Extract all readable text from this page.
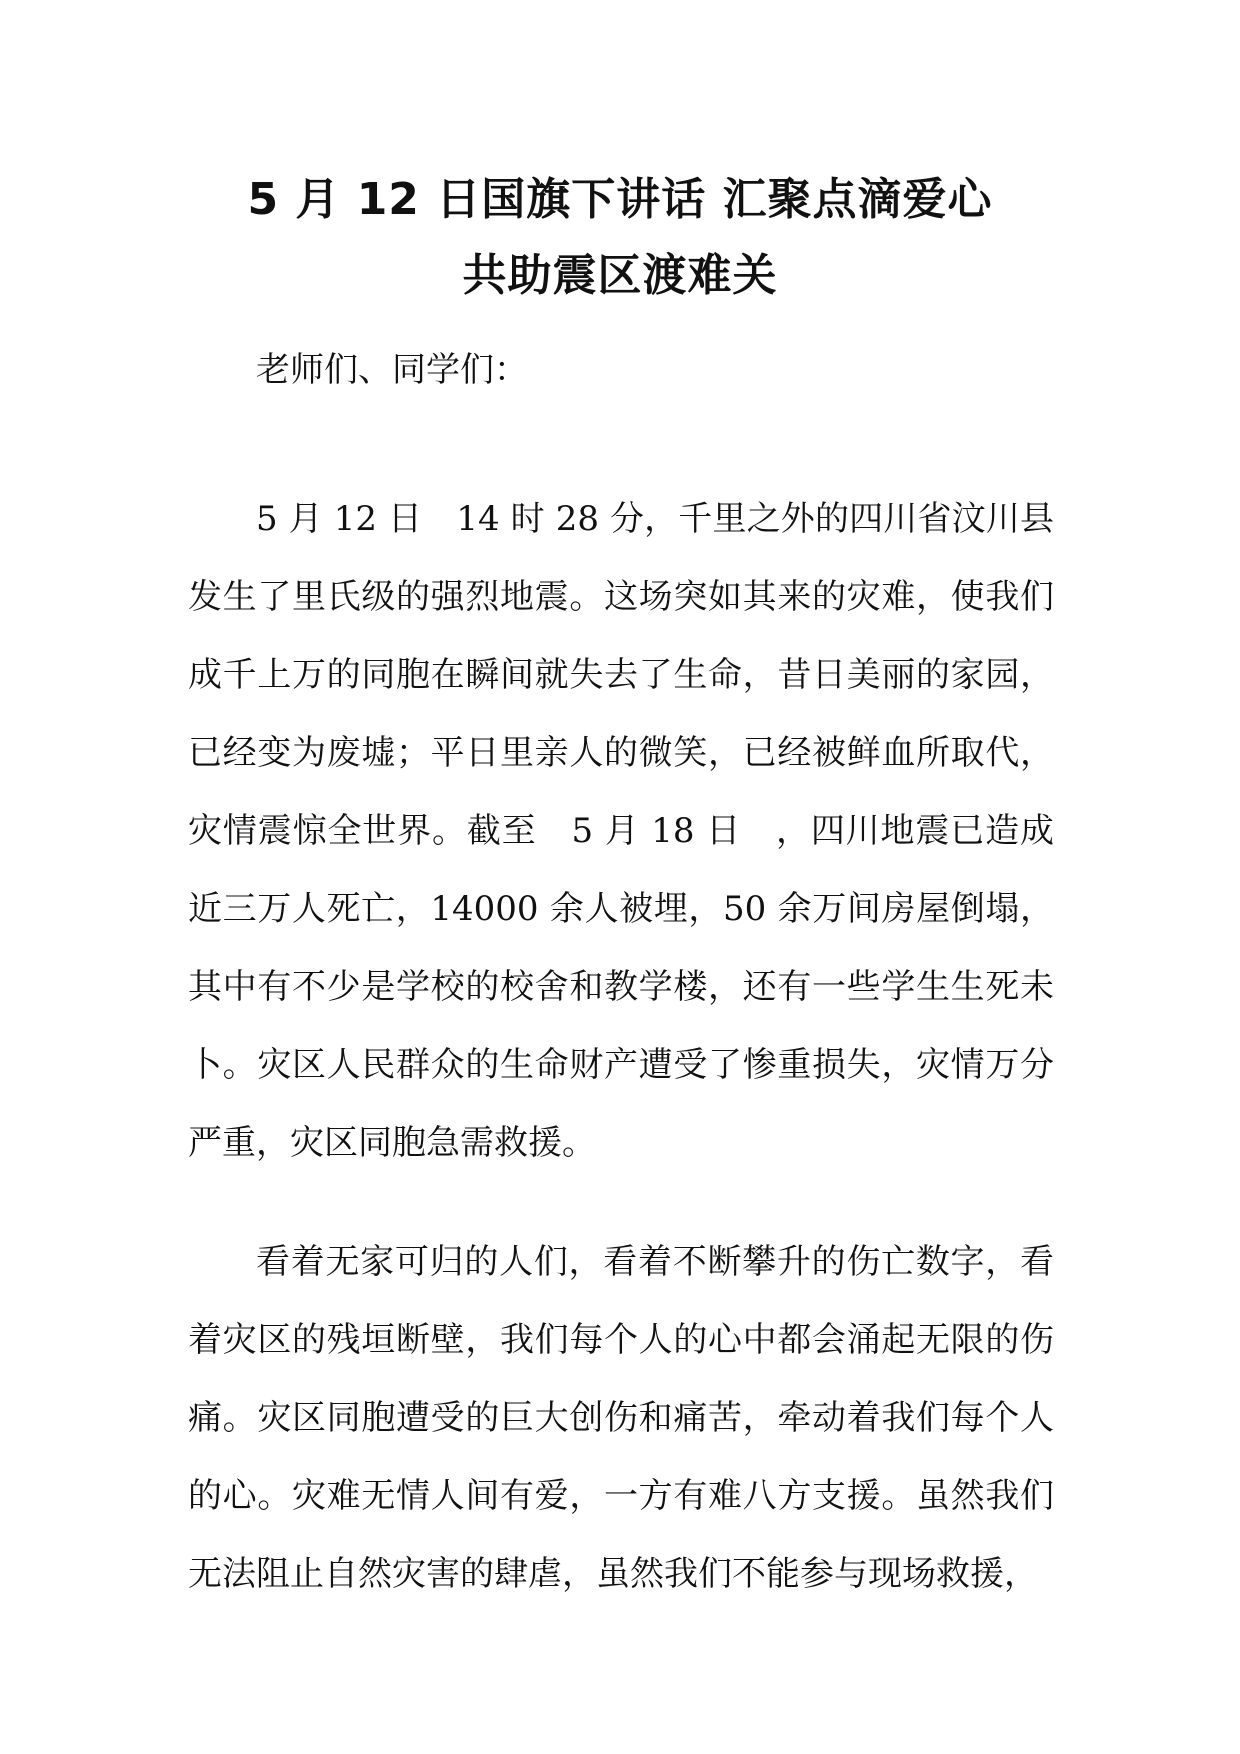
5 月 12 日国旗下讲话 汇聚点滴爱心
共助震区渡难关

老师们、同学们：

5 月 12 日　14 时 28 分，千里之外的四川省汶川县发生了里氏级的强烈地震。这场突如其来的灾难，使我们成千上万的同胞在瞬间就失去了生命，昔日美丽的家园，已经变为废墟；平日里亲人的微笑，已经被鲜血所取代，灾情震惊全世界。截至　5 月 18 日　，四川地震已造成近三万人死亡，14000 余人被埋，50 余万间房屋倒塌，其中有不少是学校的校舍和教学楼，还有一些学生生死未卜。灾区人民群众的生命财产遭受了惨重损失，灾情万分严重，灾区同胞急需救援。

看着无家可归的人们，看着不断攀升的伤亡数字，看着灾区的残垣断壁，我们每个人的心中都会涌起无限的伤痛。灾区同胞遭受的巨大创伤和痛苦，牵动着我们每个人的心。灾难无情人间有爱，一方有难八方支援。虽然我们无法阻止自然灾害的肆虐，虽然我们不能参与现场救援，
